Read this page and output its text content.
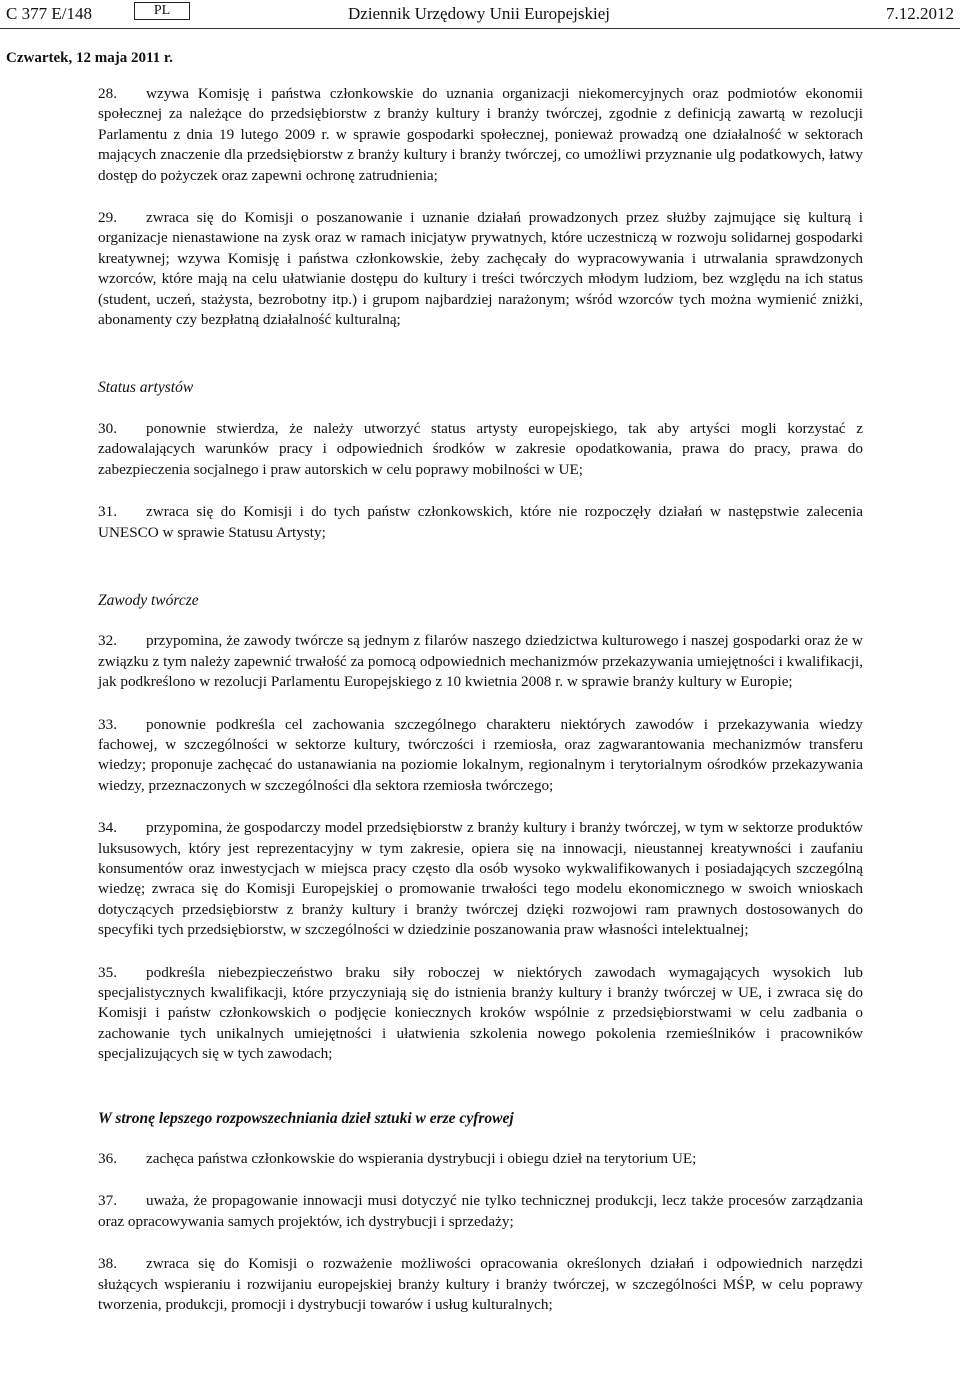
C 377 E/148	PL	Dziennik Urzędowy Unii Europejskiej	7.12.2012
Czwartek, 12 maja 2011 r.

28. wzywa Komisję i państwa członkowskie do uznania organizacji niekomercyjnych oraz podmiotów ekonomii społecznej za należące do przedsiębiorstw z branży kultury i branży twórczej, zgodnie z definicją zawartą w rezolucji Parlamentu z dnia 19 lutego 2009 r. w sprawie gospodarki społecznej, ponieważ prowadzą one działalność w sektorach mających znaczenie dla przedsiębiorstw z branży kultury i branży twórczej, co umożliwi przyznanie ulg podatkowych, łatwy dostęp do pożyczek oraz zapewni ochronę zatrudnienia;

29. zwraca się do Komisji o poszanowanie i uznanie działań prowadzonych przez służby zajmujące się kulturą i organizacje nienastawione na zysk oraz w ramach inicjatyw prywatnych, które uczestniczą w rozwoju solidarnej gospodarki kreatywnej; wzywa Komisję i państwa członkowskie, żeby zachęcały do wypracowywania i utrwalania sprawdzonych wzorców, które mają na celu ułatwianie dostępu do kultury i treści twórczych młodym ludziom, bez względu na ich status (student, uczeń, stażysta, bezrobotny itp.) i grupom najbardziej narażonym; wśród wzorców tych można wymienić zniżki, abonamenty czy bezpłatną działalność kulturalną;

Status artystów

30. ponownie stwierdza, że należy utworzyć status artysty europejskiego, tak aby artyści mogli korzystać z zadowalających warunków pracy i odpowiednich środków w zakresie opodatkowania, prawa do pracy, prawa do zabezpieczenia socjalnego i praw autorskich w celu poprawy mobilności w UE;

31. zwraca się do Komisji i do tych państw członkowskich, które nie rozpoczęły działań w następstwie zalecenia UNESCO w sprawie Statusu Artysty;

Zawody twórcze

32. przypomina, że zawody twórcze są jednym z filarów naszego dziedzictwa kulturowego i naszej gospodarki oraz że w związku z tym należy zapewnić trwałość za pomocą odpowiednich mechanizmów przekazywania umiejętności i kwalifikacji, jak podkreślono w rezolucji Parlamentu Europejskiego z 10 kwietnia 2008 r. w sprawie branży kultury w Europie;

33. ponownie podkreśla cel zachowania szczególnego charakteru niektórych zawodów i przekazywania wiedzy fachowej, w szczególności w sektorze kultury, twórczości i rzemiosła, oraz zagwarantowania mechanizmów transferu wiedzy; proponuje zachęcać do ustanawiania na poziomie lokalnym, regionalnym i terytorialnym ośrodków przekazywania wiedzy, przeznaczonych w szczególności dla sektora rzemiosła twórczego;

34. przypomina, że gospodarczy model przedsiębiorstw z branży kultury i branży twórczej, w tym w sektorze produktów luksusowych, który jest reprezentacyjny w tym zakresie, opiera się na innowacji, nieustannej kreatywności i zaufaniu konsumentów oraz inwestycjach w miejsca pracy często dla osób wysoko wykwalifikowanych i posiadających szczególną wiedzę; zwraca się do Komisji Europejskiej o promowanie trwałości tego modelu ekonomicznego w swoich wnioskach dotyczących przedsiębiorstw z branży kultury i branży twórczej dzięki rozwojowi ram prawnych dostosowanych do specyfiki tych przedsiębiorstw, w szczególności w dziedzinie poszanowania praw własności intelektualnej;

35. podkreśla niebezpieczeństwo braku siły roboczej w niektórych zawodach wymagających wysokich lub specjalistycznych kwalifikacji, które przyczyniają się do istnienia branży kultury i branży twórczej w UE, i zwraca się do Komisji i państw członkowskich o podjęcie koniecznych kroków wspólnie z przedsiębiorstwami w celu zadbania o zachowanie tych unikalnych umiejętności i ułatwienia szkolenia nowego pokolenia rzemieślników i pracowników specjalizujących się w tych zawodach;

W stronę lepszego rozpowszechniania dzieł sztuki w erze cyfrowej

36. zachęca państwa członkowskie do wspierania dystrybucji i obiegu dzieł na terytorium UE;

37. uważa, że propagowanie innowacji musi dotyczyć nie tylko technicznej produkcji, lecz także procesów zarządzania oraz opracowywania samych projektów, ich dystrybucji i sprzedaży;

38. zwraca się do Komisji o rozważenie możliwości opracowania określonych działań i odpowiednich narzędzi służących wspieraniu i rozwijaniu europejskiej branży kultury i branży twórczej, w szczególności MŚP, w celu poprawy tworzenia, produkcji, promocji i dystrybucji towarów i usług kulturalnych;
